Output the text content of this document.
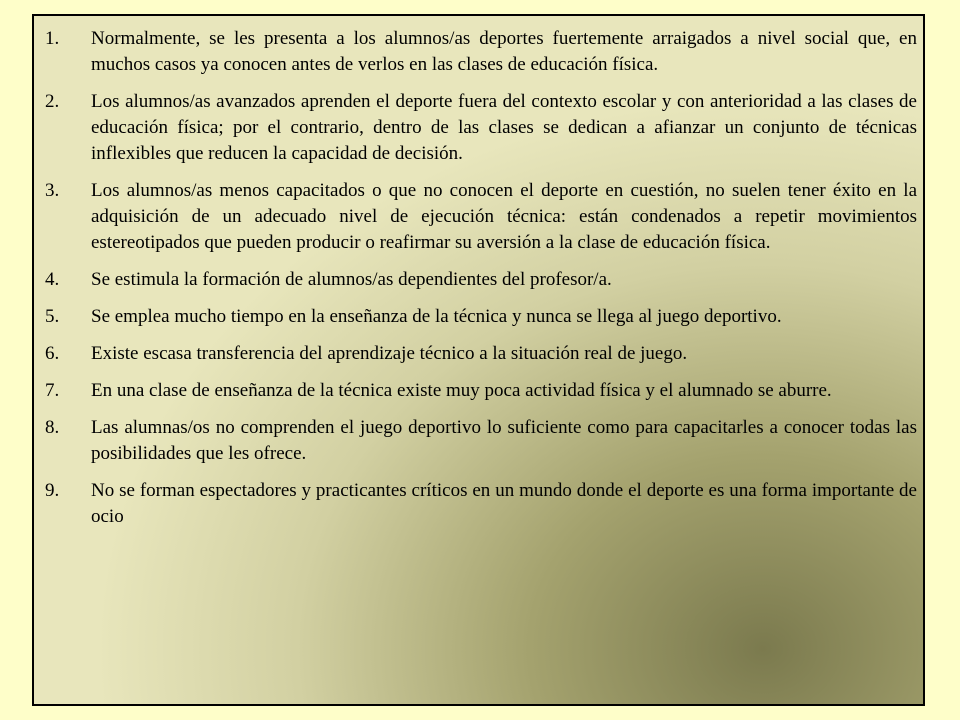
1.	Normalmente, se les presenta a los alumnos/as deportes fuertemente arraigados a nivel social que, en muchos casos ya conocen antes de verlos en las clases de educación física.
2.	Los alumnos/as avanzados aprenden el deporte fuera del contexto escolar y con anterioridad a las clases de educación física; por el contrario, dentro de las clases se dedican a afianzar un conjunto de técnicas inflexibles que reducen la capacidad de decisión.
3.	Los alumnos/as menos capacitados o que no conocen el deporte en cuestión, no suelen tener éxito en la adquisición de un adecuado nivel de ejecución técnica: están condenados a repetir movimientos estereotipados que pueden producir o reafirmar su aversión a la clase de educación física.
4.	Se estimula la formación de alumnos/as dependientes del profesor/a.
5.	Se emplea mucho tiempo en la enseñanza de la técnica y nunca se llega al juego deportivo.
6.	Existe escasa transferencia del aprendizaje técnico a la situación real de juego.
7.	En una clase de enseñanza de la técnica existe muy poca actividad física y el alumnado se aburre.
8.	Las alumnas/os no comprenden el juego deportivo lo suficiente como para capacitarles a conocer todas las posibilidades que les ofrece.
9.	No se forman espectadores y practicantes críticos en un mundo donde el deporte es una forma importante de ocio
